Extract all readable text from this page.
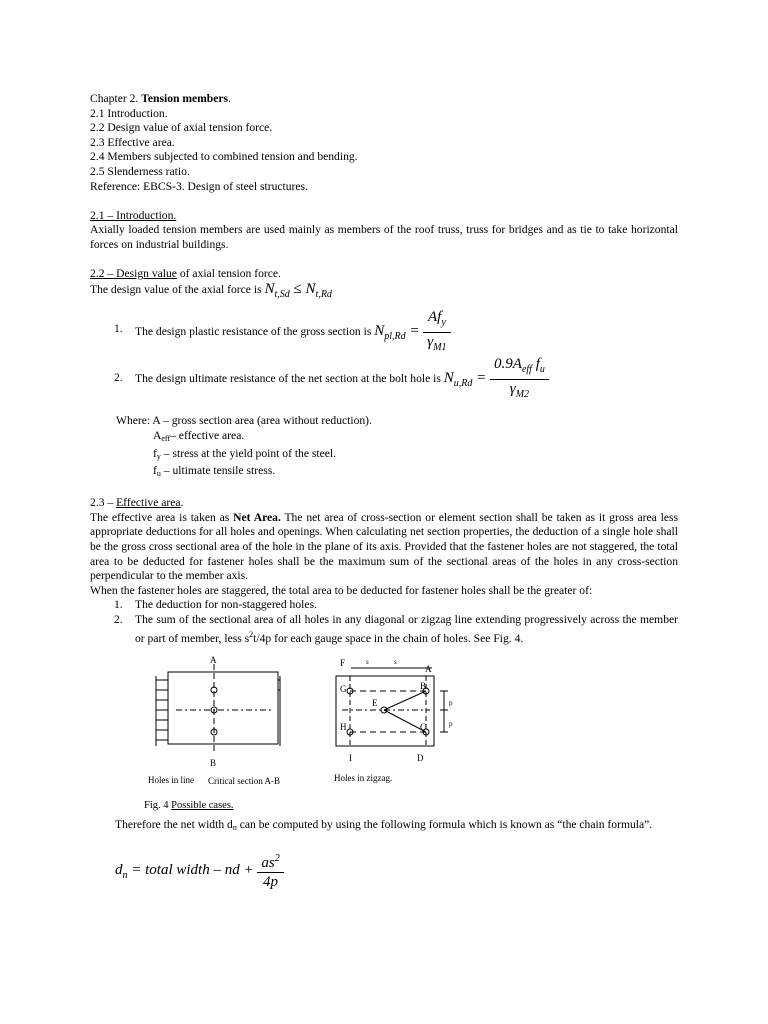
Chapter 2. Tension members.
2.1 Introduction.
2.2 Design value of axial tension force.
2.3 Effective area.
2.4 Members subjected to combined tension and bending.
2.5 Slenderness ratio.
Reference: EBCS-3. Design of steel structures.
2.1 – Introduction.
Axially loaded tension members are used mainly as members of the roof truss, truss for bridges and as tie to take horizontal forces on industrial buildings.
2.2 – Design value of axial tension force.
The design value of the axial force is $N_{t,Sd} \le N_{t,Rd}$
1. The design plastic resistance of the gross section is $N_{pl,Rd} = \frac{Af_y}{\gamma_{M1}}$
2. The design ultimate resistance of the net section at the bolt hole is $N_{u,Rd} = \frac{0.9A_{eff} f_u}{\gamma_{M2}}$
Where: A – gross section area (area without reduction).
$A_{eff}-$ effective area.
$f_y$ – stress at the yield point of the steel.
$f_u$ – ultimate tensile stress.
2.3 – Effective area.
The effective area is taken as Net Area. The net area of cross-section or element section shall be taken as it gross area less appropriate deductions for all holes and openings. When calculating net section properties, the deduction of a single hole shall be the gross cross sectional area of the hole in the plane of its axis. Provided that the fastener holes are not staggered, the total area to be deducted for fastener holes shall be the maximum sum of the sectional areas of the holes in any cross-section perpendicular to the member axis.
When the fastener holes are staggered, the total area to be deducted for fastener holes shall be the greater of:
1. The deduction for non-staggered holes.
2. The sum of the sectional area of all holes in any diagonal or zigzag line extending progressively across the member or part of member, less $s^2t/4p$ for each gauge space in the chain of holes. See Fig. 4.
A
B
Holes in line Critical section A-B
F	s	s
A
G	B
E
H	C
p
p
I	D
Holes in zigzag.
Fig. 4 Possible cases.
Therefore the net width $d_n$ can be computed by using the following formula which is known as “the chain formula”.
$d_n$ = total width – nd + $\frac{as^2}{4p}$
